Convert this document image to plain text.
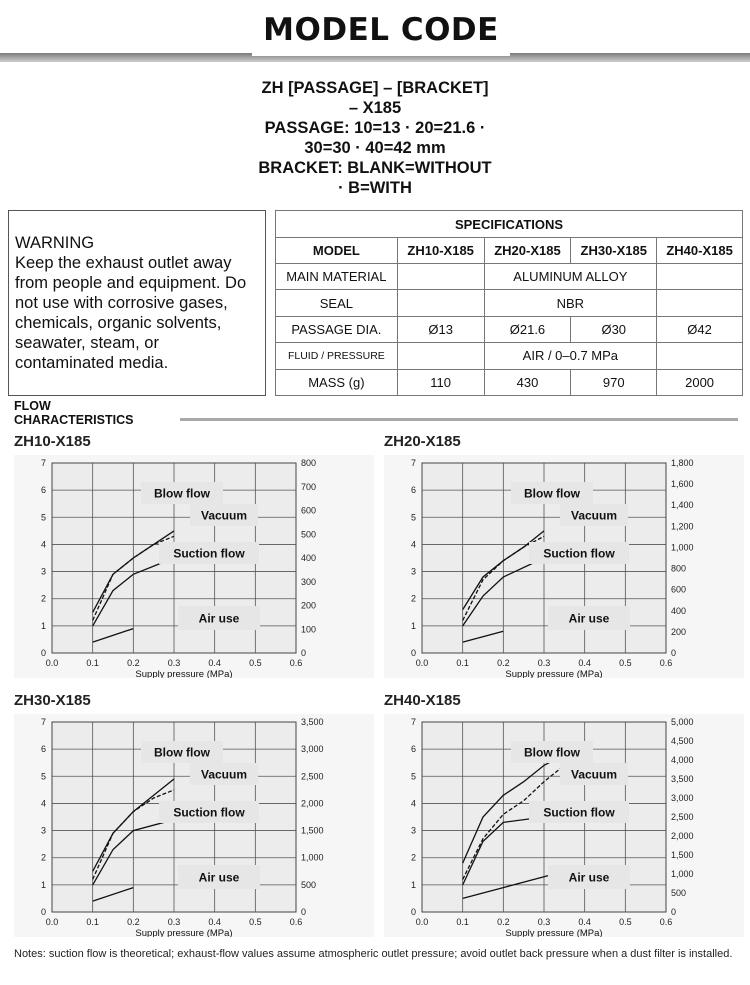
MODEL CODE
ZH [PASSAGE] – [BRACKET]
– X185
PASSAGE: 10=13 · 20=21.6 ·
30=30 · 40=42 mm
BRACKET: BLANK=WITHOUT
· B=WITH
WARNING
Keep the exhaust outlet away from people and equipment. Do not use with corrosive gases, chemicals, organic solvents, seawater, steam, or contaminated media.
SPECIFICATIONS				
MODEL	ZH10-X185	ZH20-X185	ZH30-X185	ZH40-X185
MAIN MATERIAL		ALUMINUM ALLOY		
SEAL		NBR		
PASSAGE DIA.	Ø13	Ø21.6	Ø30	Ø42
FLUID / PRESSURE		AIR / 0–0.7 MPa		
MASS (g)	110	430	970	2000
FLOW
CHARACTERISTICS
0.0	0.1	0.2	0.3	0.4	0.5	0.6
0
1
2
3
4
5
6
7
0
100
200
300
400
500
600
700
800
Supply pressure (MPa)
Blow flow
Vacuum
Suction flow
Air use
ZH10-X185
0.0	0.1	0.2	0.3	0.4	0.5	0.6
0
1
2
3
4
5
6
7
0
200
400
600
800
1,000
1,200
1,400
1,600
1,800
Supply pressure (MPa)
Blow flow
Vacuum
Suction flow
Air use
ZH20-X185
0.0	0.1	0.2	0.3	0.4	0.5	0.6
0
1
2
3
4
5
6
7
0
500
1,000
1,500
2,000
2,500
3,000
3,500
Supply pressure (MPa)
Blow flow
Vacuum
Suction flow
Air use
ZH30-X185
0.0	0.1	0.2	0.3	0.4	0.5	0.6
0
1
2
3
4
5
6
7
0
500
1,000
1,500
2,000
2,500
3,000
3,500
4,000
4,500
5,000
Supply pressure (MPa)
Blow flow
Vacuum
Suction flow
Air use
ZH40-X185
Notes: suction flow is theoretical; exhaust-flow values assume atmospheric outlet pressure; avoid outlet back pressure when a dust filter is installed.
